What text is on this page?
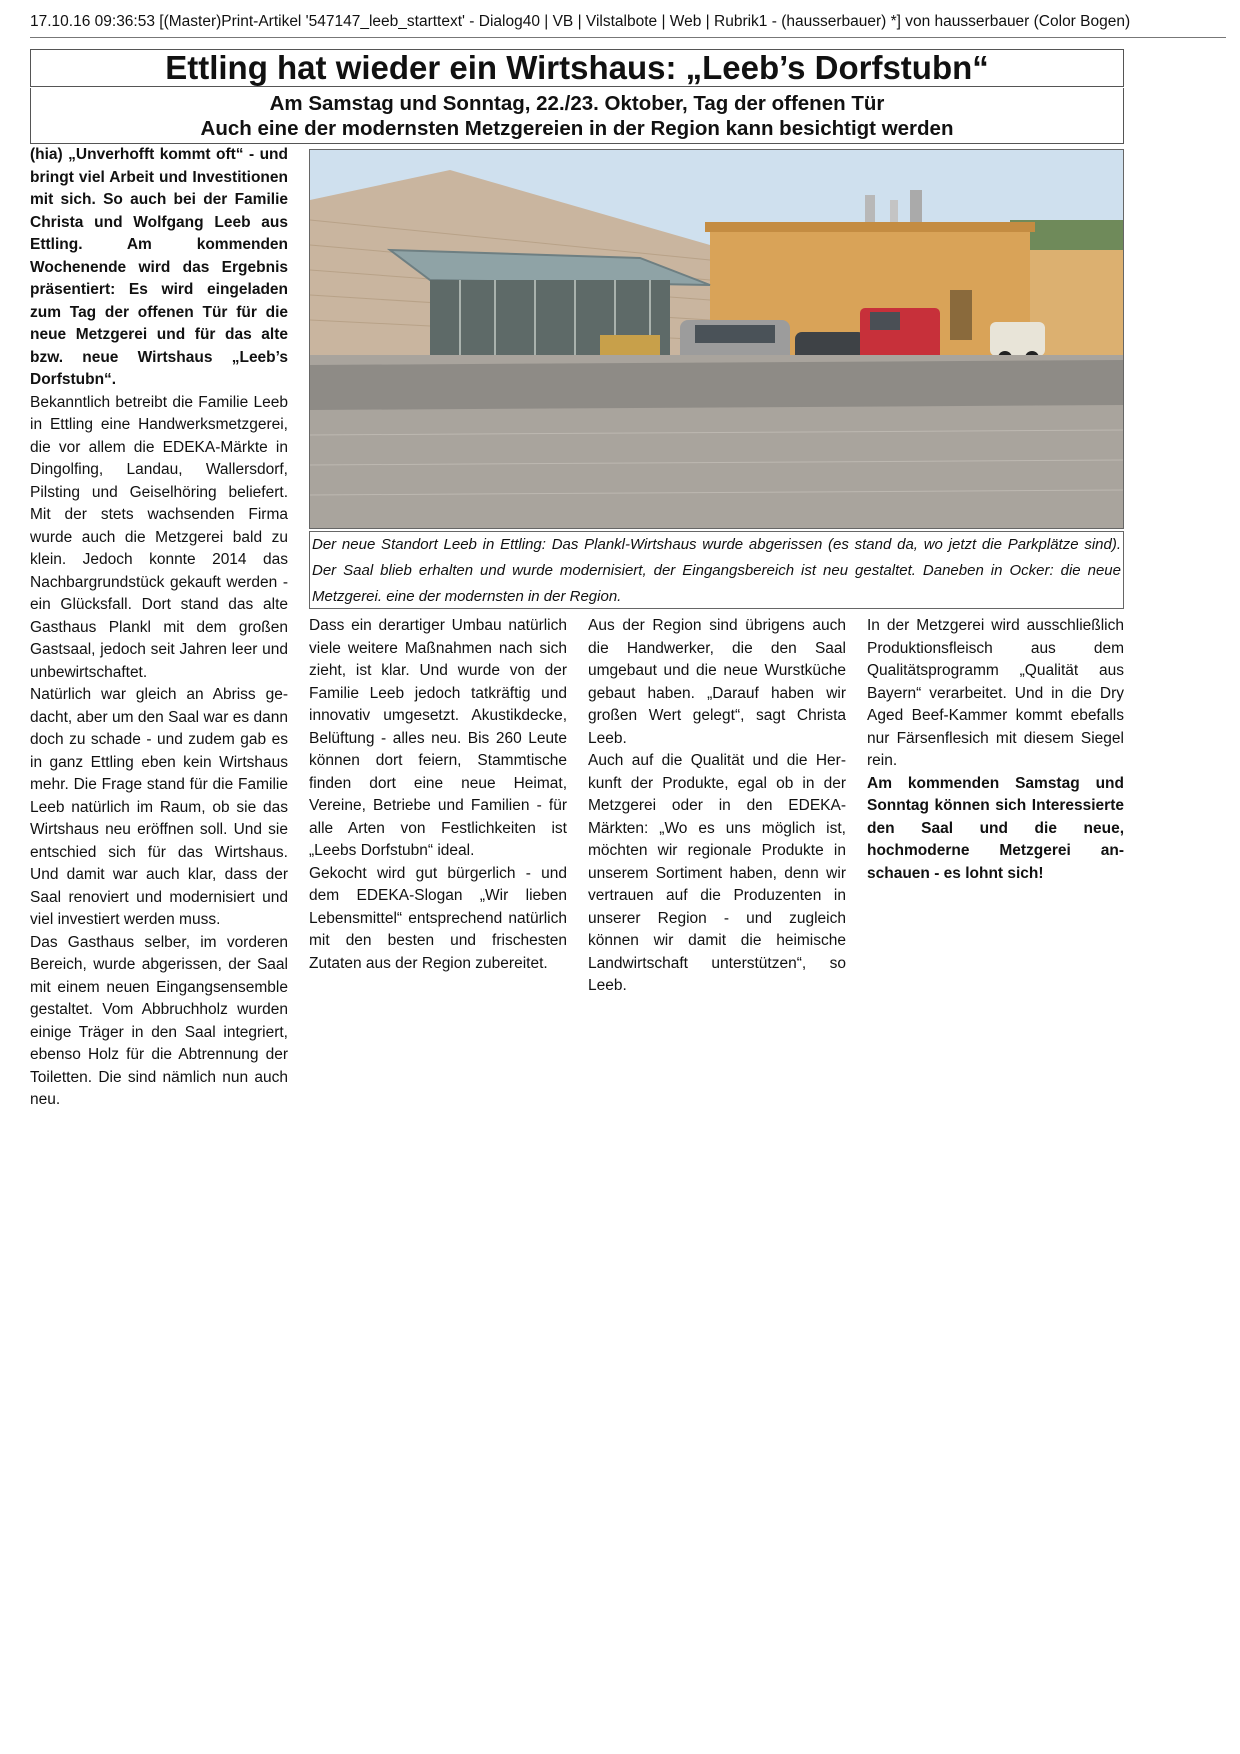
17.10.16 09:36:53 [(Master)Print-Artikel '547147_leeb_starttext' - Dialog40 | VB | Vilstalbote | Web | Rubrik1 - (hausserbauer) *] von hausserbauer (Color Bogen)
Ettling hat wieder ein Wirtshaus: „Leeb’s Dorfstubn“
Am Samstag und Sonntag, 22./23. Oktober, Tag der offenen Tür
Auch eine der modernsten Metzgereien in der Region kann besichtigt werden

(hia) „Unverhofft kommt oft“ - und bringt viel Arbeit und Investitionen mit sich. So auch bei der Familie Christa und Wolfgang Leeb aus Ettling. Am kommenden Wochenende wird das Ergebnis präsentiert: Es wird eingeladen zum Tag der offenen Tür für die neue Metzgerei und für das alte bzw. neue Wirtshaus „Leeb’s Dorfstubn“.

Bekanntlich betreibt die Familie Leeb in Ettling eine Handwerksmetzgerei, die vor allem die EDEKA-Märkte in Dingolfing, Landau, Wallersdorf, Pilsting und Geiselhöring beliefert. Mit der stets wachsenden Firma wurde auch die Metzgerei bald zu klein. Jedoch konnte 2014 das Nachbargrundstück gekauft werden - ein Glücksfall. Dort stand das alte Gasthaus Plankl mit dem großen Gastsaal, jedoch seit Jahren leer und unbewirtschaftet.

Natürlich war gleich an Abriss gedacht, aber um den Saal war es dann doch zu schade - und zudem gab es in ganz Ettling eben kein Wirtshaus mehr. Die Frage stand für die Familie Leeb natürlich im Raum, ob sie das Wirtshaus neu eröffnen soll. Und sie entschied sich für das Wirtshaus. Und damit war auch klar, dass der Saal renoviert und modernisiert und viel investiert werden muss.

Das Gasthaus selber, im vorderen Bereich, wurde abgerissen, der Saal mit einem neuen Eingangsensemble gestaltet. Vom Abbruchholz wurden einige Träger in den Saal integriert, ebenso Holz für die Abtrennung der Toiletten. Die sind nämlich nun auch neu.

Der neue Standort Leeb in Ettling: Das Plankl-Wirtshaus wurde abgerissen (es stand da, wo jetzt die Parkplätze sind). Der Saal blieb erhalten und wurde modernisiert, der Eingangsbereich ist neu gestaltet. Daneben in Ocker: die neue Metzgerei. eine der modernsten in der Region.

Dass ein derartiger Umbau natürlich viele weitere Maßnahmen nach sich zieht, ist klar. Und wurde von der Familie Leeb jedoch tatkräftig und innovativ umgesetzt. Akustikdecke, Belüftung - alles neu. Bis 260 Leute können dort feiern, Stammtische finden dort eine neue Heimat, Vereine, Betriebe und Familien - für alle Arten von Festlichkeiten ist „Leebs Dorfstubn“ ideal.

Gekocht wird gut bürgerlich - und dem EDEKA-Slogan „Wir lieben Lebensmittel“ entsprechend natürlich mit den besten und frischesten Zutaten aus der Region zubereitet.

Aus der Region sind übrigens auch die Handwerker, die den Saal umgebaut und die neue Wurstküche gebaut haben. „Darauf haben wir großen Wert gelegt“, sagt Christa Leeb.

Auch auf die Qualität und die Herkunft der Produkte, egal ob in der Metzgerei oder in den EDEKA-Märkten: „Wo es uns möglich ist, möchten wir regionale Produkte in unserem Sortiment haben, denn wir vertrauen auf die Produzenten in unserer Region - und zugleich können wir damit die heimische Landwirtschaft unterstützen“, so Leeb.

In der Metzgerei wird ausschließlich Produktionsfleisch aus dem Qualitätsprogramm „Qualität aus Bayern“ verarbeitet. Und in die Dry Aged Beef-Kammer kommt ebefalls nur Färsenflesich mit diesem Siegel rein.

Am kommenden Samstag und Sonntag können sich Interessierte den Saal und die neue, hochmoderne Metzgerei anschauen - es lohnt sich!
